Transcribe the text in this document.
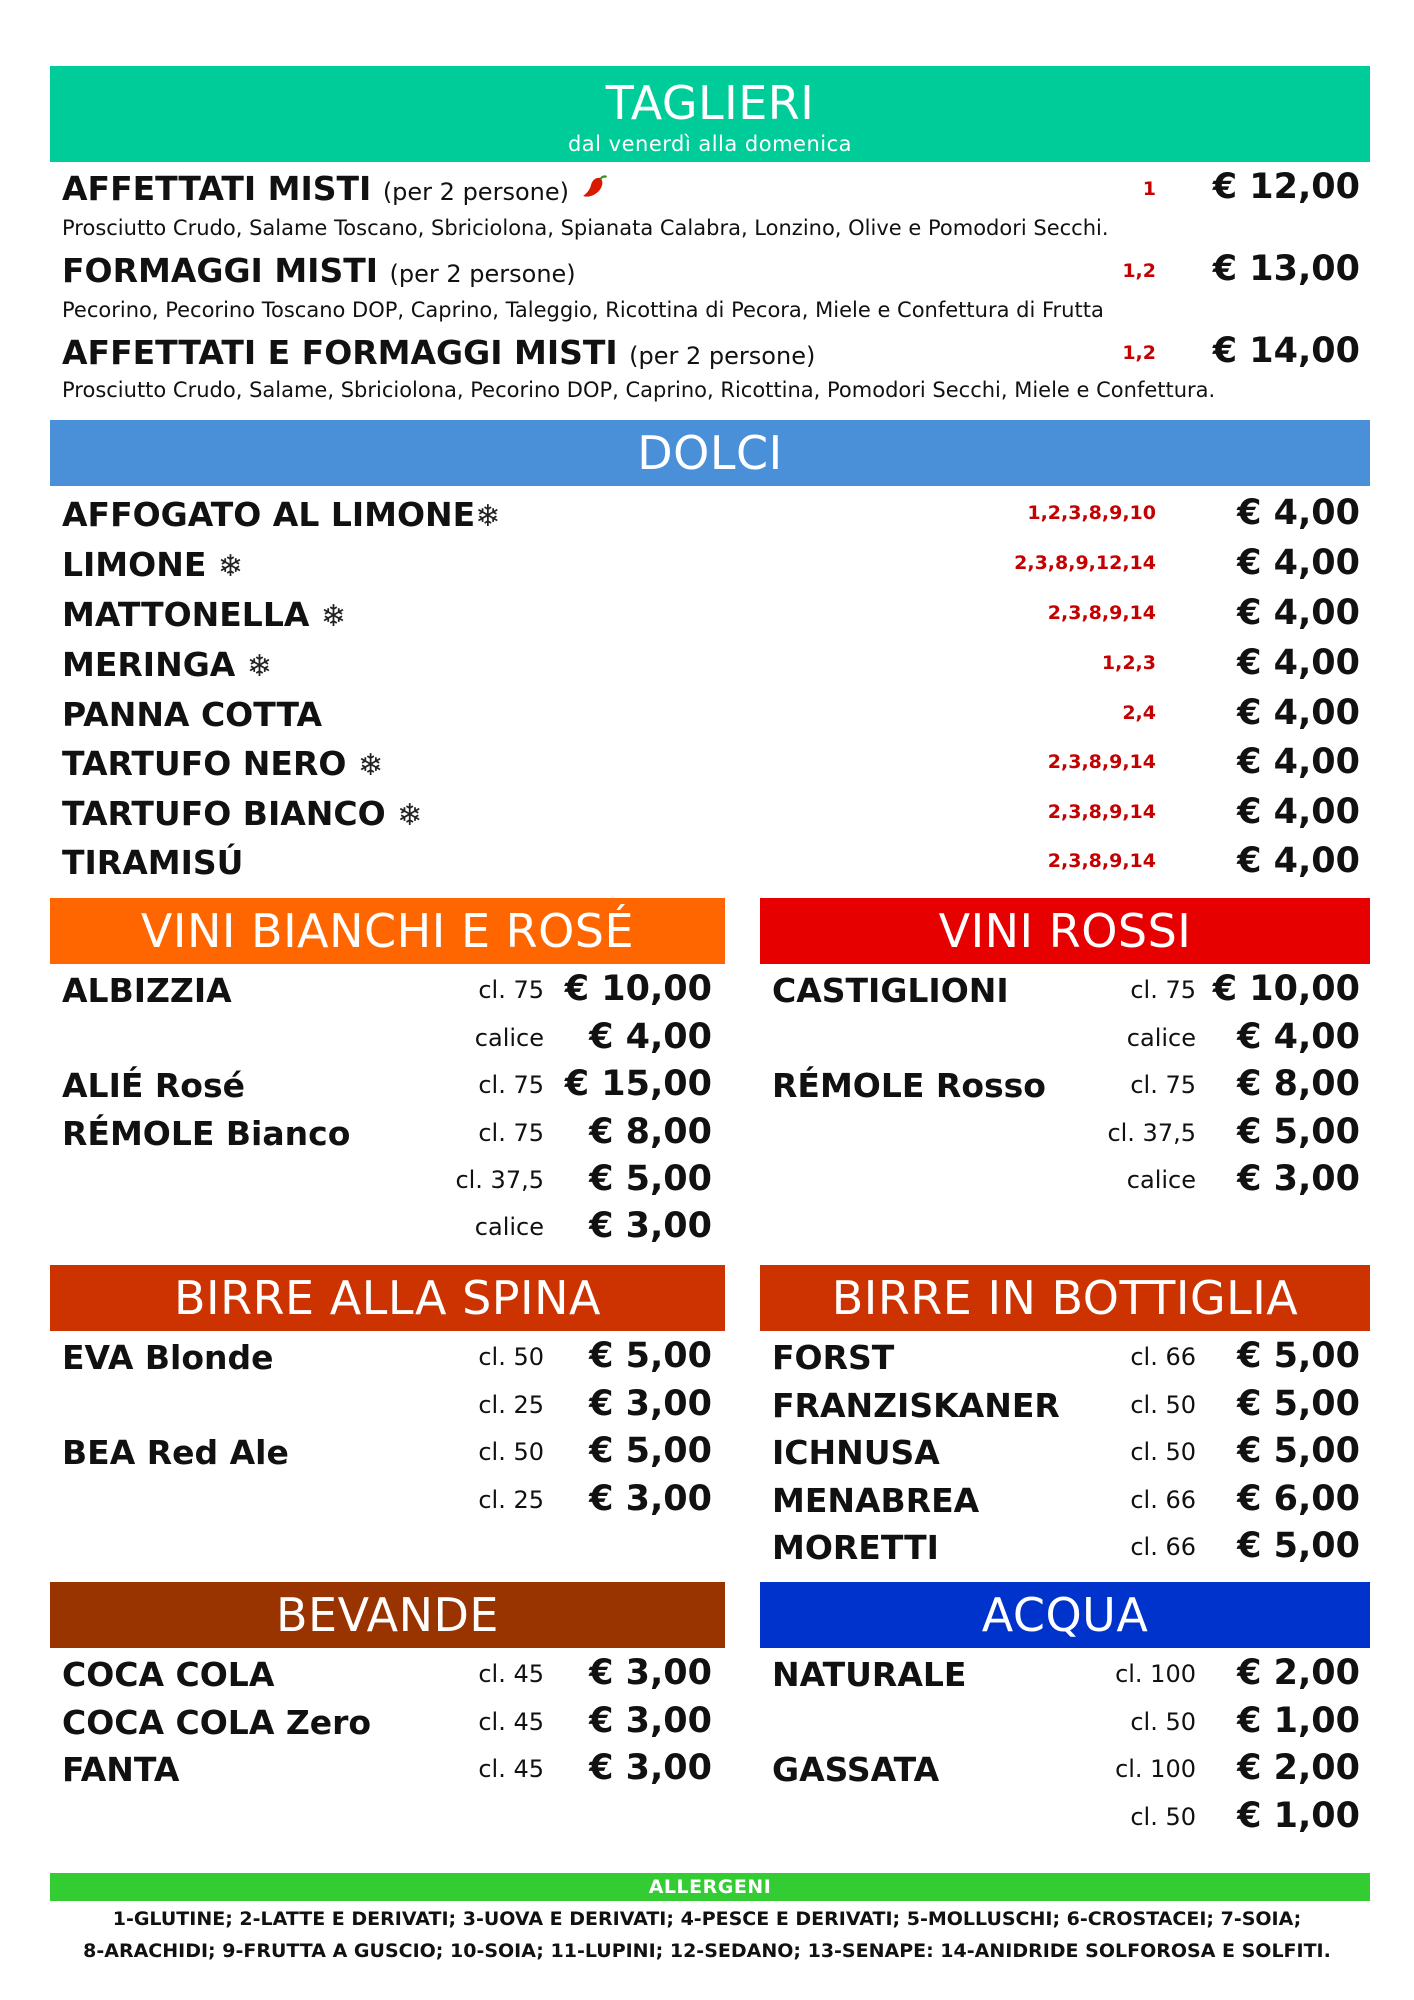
TAGLIERI
dal venerdì alla domenica
AFFETTATI MISTI (per 2 persone)	1 € 12,00
Prosciutto Crudo, Salame Toscano, Sbriciolona, Spianata Calabra, Lonzino, Olive e Pomodori Secchi.
FORMAGGI MISTI (per 2 persone)	1,2 € 13,00
Pecorino, Pecorino Toscano DOP, Caprino, Taleggio, Ricottina di Pecora, Miele e Confettura di Frutta
AFFETTATI E FORMAGGI MISTI (per 2 persone)	1,2 € 14,00
Prosciutto Crudo, Salame, Sbriciolona, Pecorino DOP, Caprino, Ricottina, Pomodori Secchi, Miele e Confettura.
DOLCI
AFFOGATO AL LIMONE❄	1,2,3,8,9,10 € 4,00
LIMONE ❄	2,3,8,9,12,14 € 4,00
MATTONELLA ❄	2,3,8,9,14 € 4,00
MERINGA ❄	1,2,3 € 4,00
PANNA COTTA	2,4 € 4,00
TARTUFO NERO ❄	2,3,8,9,14 € 4,00
TARTUFO BIANCO ❄	2,3,8,9,14 € 4,00
TIRAMISÚ	2,3,8,9,14 € 4,00
VINI BIANCHI E ROSÉ
ALBIZZIA	cl. 75 € 10,00
calice € 4,00
ALIÉ Rosé	cl. 75 € 15,00
RÉMOLE Bianco	cl. 75 € 8,00
cl. 37,5 € 5,00
calice € 3,00
VINI ROSSI
CASTIGLIONI	cl. 75 € 10,00
calice € 4,00
RÉMOLE Rosso	cl. 75 € 8,00
cl. 37,5 € 5,00
calice € 3,00
BIRRE ALLA SPINA
EVA Blonde	cl. 50 € 5,00
cl. 25 € 3,00
BEA Red Ale	cl. 50 € 5,00
cl. 25 € 3,00
BIRRE IN BOTTIGLIA
FORST	cl. 66 € 5,00
FRANZISKANER	cl. 50 € 5,00
ICHNUSA	cl. 50 € 5,00
MENABREA	cl. 66 € 6,00
MORETTI	cl. 66 € 5,00
BEVANDE
COCA COLA	cl. 45 € 3,00
COCA COLA Zero	cl. 45 € 3,00
FANTA	cl. 45 € 3,00
ACQUA
NATURALE	cl. 100 € 2,00
cl. 50 € 1,00
GASSATA	cl. 100 € 2,00
cl. 50 € 1,00
ALLERGENI
1-GLUTINE; 2-LATTE E DERIVATI; 3-UOVA E DERIVATI; 4-PESCE E DERIVATI; 5-MOLLUSCHI; 6-CROSTACEI; 7-SOIA;
8-ARACHIDI; 9-FRUTTA A GUSCIO; 10-SOIA; 11-LUPINI; 12-SEDANO; 13-SENAPE: 14-ANIDRIDE SOLFOROSA E SOLFITI.
